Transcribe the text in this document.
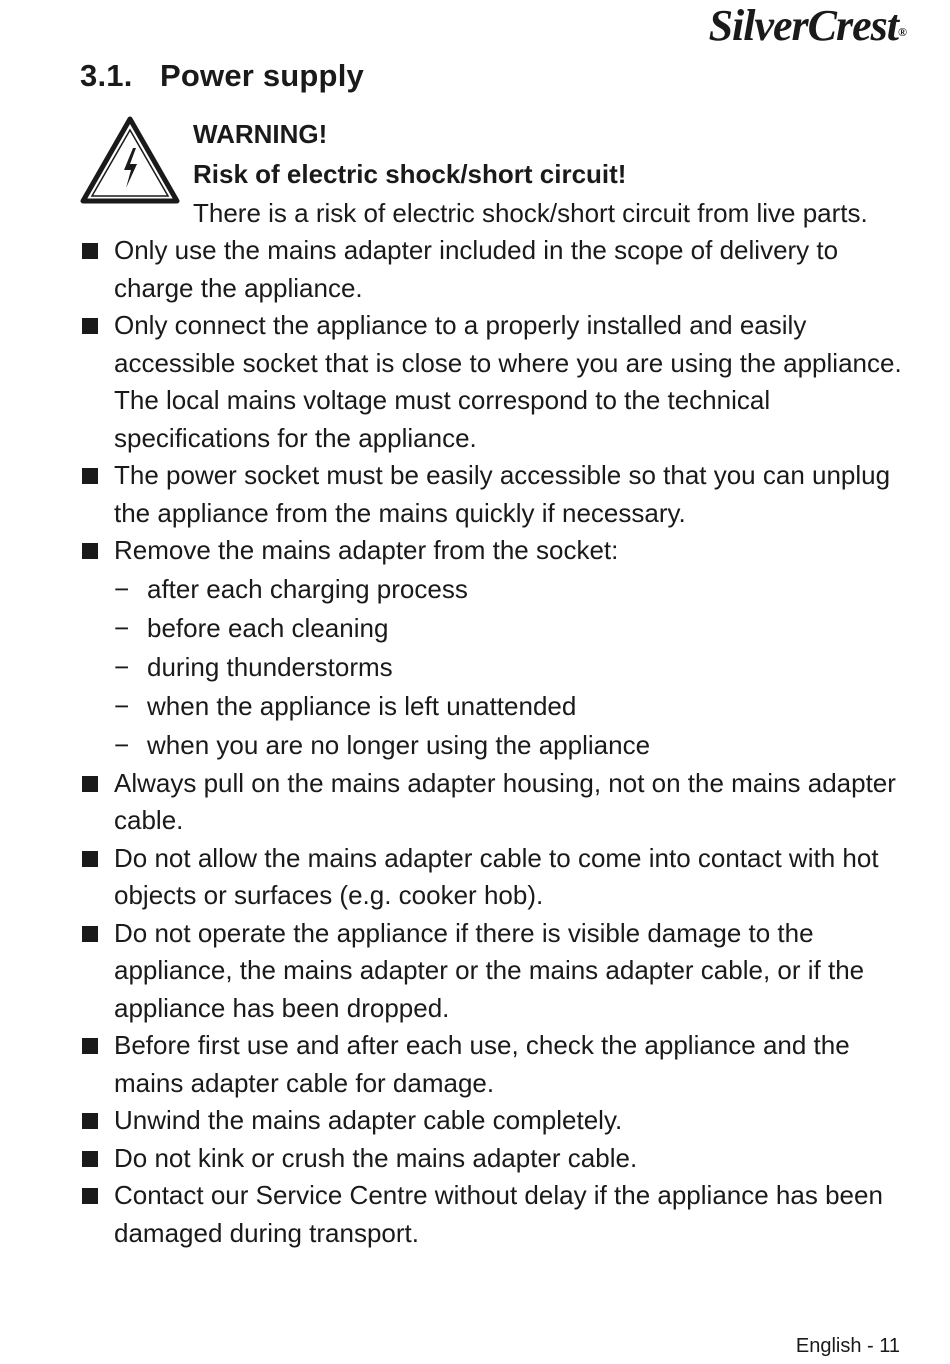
SilverCrest®
3.1. Power supply
WARNING!
Risk of electric shock/short circuit!
There is a risk of electric shock/short circuit from live parts.
Only use the mains adapter included in the scope of delivery to charge the appliance.
Only connect the appliance to a properly installed and easily accessible socket that is close to where you are using the appliance. The local mains voltage must correspond to the technical specifications for the appliance.
The power socket must be easily accessible so that you can unplug the appliance from the mains quickly if necessary.
Remove the mains adapter from the socket:
− after each charging process
− before each cleaning
− during thunderstorms
− when the appliance is left unattended
− when you are no longer using the appliance
Always pull on the mains adapter housing, not on the mains adapter cable.
Do not allow the mains adapter cable to come into contact with hot objects or surfaces (e.g. cooker hob).
Do not operate the appliance if there is visible damage to the appliance, the mains adapter or the mains adapter cable, or if the appliance has been dropped.
Before first use and after each use, check the appliance and the mains adapter cable for damage.
Unwind the mains adapter cable completely.
Do not kink or crush the mains adapter cable.
Contact our Service Centre without delay if the appliance has been damaged during transport.
English - 11
